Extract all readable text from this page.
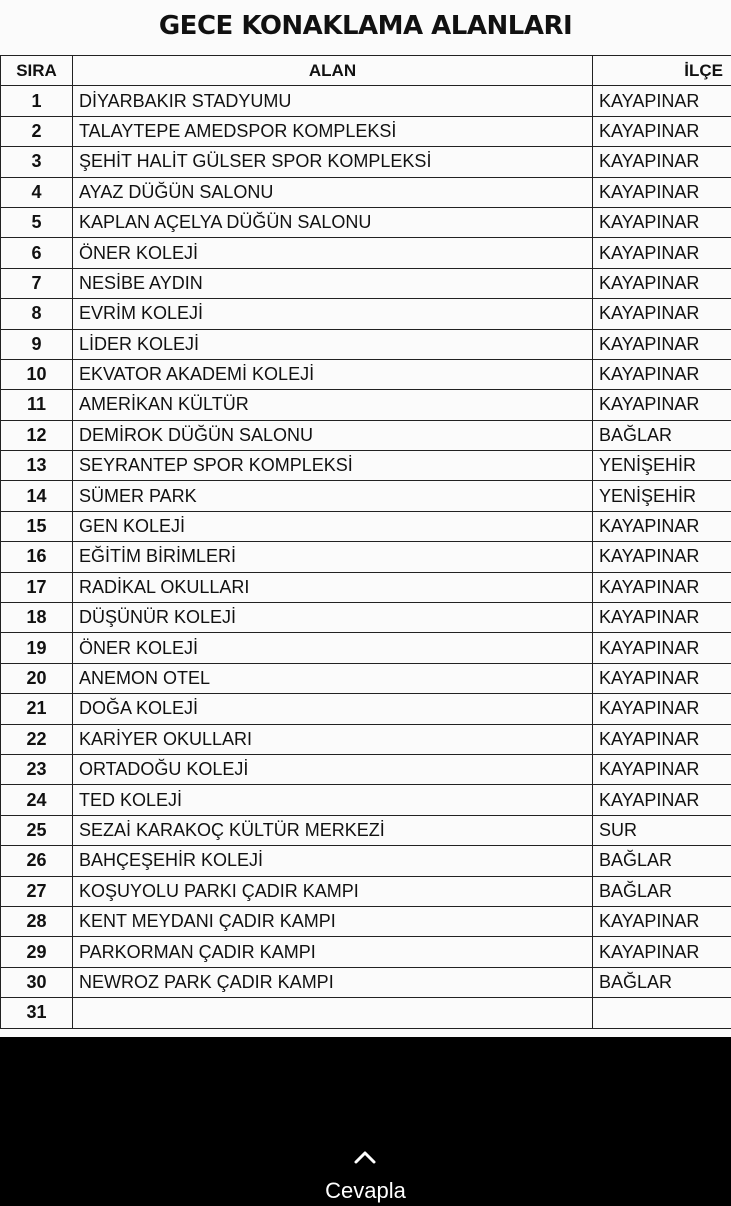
GECE KONAKLAMA ALANLARI
SIRA	ALAN	İLÇE
1	DİYARBAKIR STADYUMU	KAYAPINAR
2	TALAYTEPE AMEDSPOR KOMPLEKSİ	KAYAPINAR
3	ŞEHİT HALİT GÜLSER SPOR KOMPLEKSİ	KAYAPINAR
4	AYAZ DÜĞÜN SALONU	KAYAPINAR
5	KAPLAN AÇELYA DÜĞÜN SALONU	KAYAPINAR
6	ÖNER KOLEJİ	KAYAPINAR
7	NESİBE AYDIN	KAYAPINAR
8	EVRİM KOLEJİ	KAYAPINAR
9	LİDER KOLEJİ	KAYAPINAR
10	EKVATOR AKADEMİ KOLEJİ	KAYAPINAR
11	AMERİKAN KÜLTÜR	KAYAPINAR
12	DEMİROK DÜĞÜN SALONU	BAĞLAR
13	SEYRANTEP SPOR KOMPLEKSİ	YENİŞEHİR
14	SÜMER PARK	YENİŞEHİR
15	GEN KOLEJİ	KAYAPINAR
16	EĞİTİM BİRİMLERİ	KAYAPINAR
17	RADİKAL OKULLARI	KAYAPINAR
18	DÜŞÜNÜR KOLEJİ	KAYAPINAR
19	ÖNER KOLEJİ	KAYAPINAR
20	ANEMON OTEL	KAYAPINAR
21	DOĞA KOLEJİ	KAYAPINAR
22	KARİYER OKULLARI	KAYAPINAR
23	ORTADOĞU KOLEJİ	KAYAPINAR
24	TED KOLEJİ	KAYAPINAR
25	SEZAİ KARAKOÇ KÜLTÜR MERKEZİ	SUR
26	BAHÇEŞEHİR KOLEJİ	BAĞLAR
27	KOŞUYOLU PARKI ÇADIR KAMPI	BAĞLAR
28	KENT MEYDANI ÇADIR KAMPI	KAYAPINAR
29	PARKORMAN ÇADIR KAMPI	KAYAPINAR
30	NEWROZ PARK ÇADIR KAMPI	BAĞLAR
31		
Cevapla
